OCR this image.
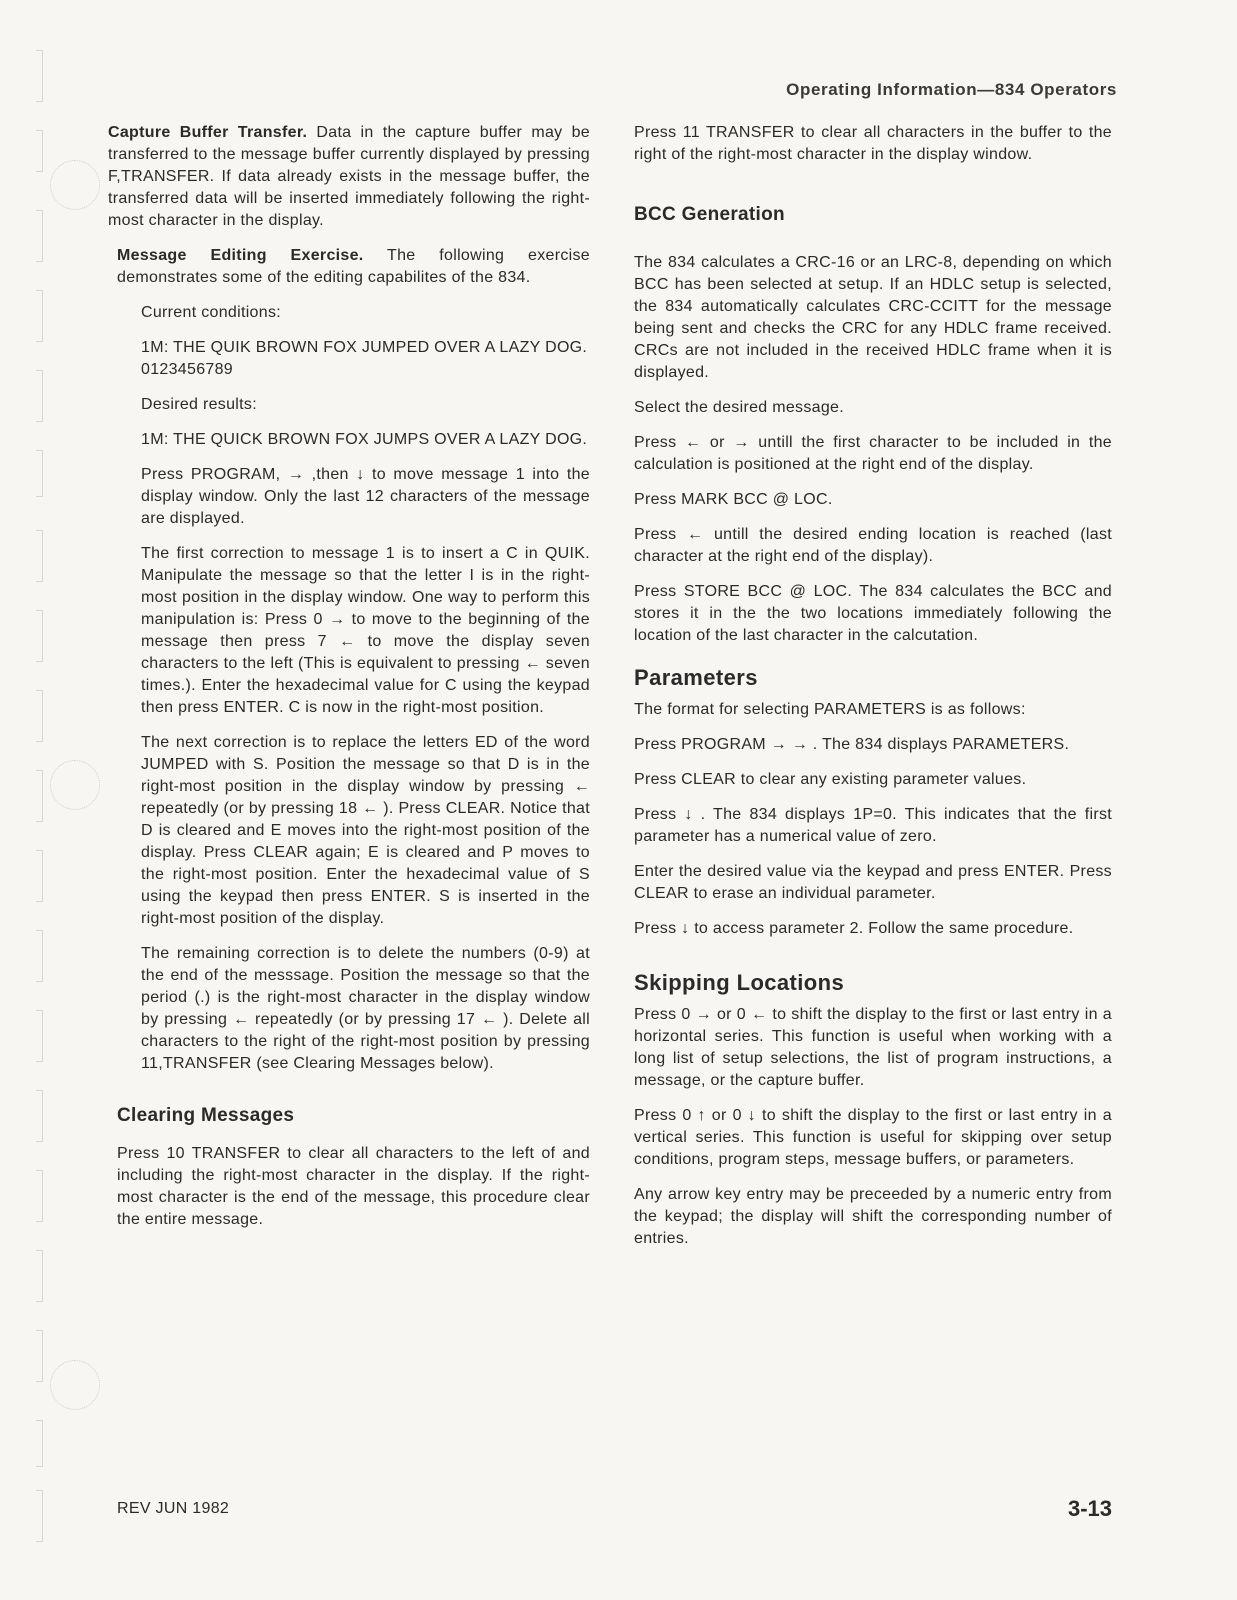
Operating Information—834 Operators

Capture Buffer Transfer. Data in the capture buffer may be transferred to the message buffer currently displayed by pressing F,TRANSFER. If data already exists in the message buffer, the transferred data will be inserted immediately following the right-most character in the display.

Message Editing Exercise. The following exercise demonstrates some of the editing capabilites of the 834.

Current conditions:

1M: THE QUIK BROWN FOX JUMPED OVER A LAZY DOG. 0123456789

Desired results:

1M: THE QUICK BROWN FOX JUMPS OVER A LAZY DOG.

Press PROGRAM, → ,then ↓ to move message 1 into the display window. Only the last 12 characters of the message are displayed.

The first correction to message 1 is to insert a C in QUIK. Manipulate the message so that the letter I is in the right-most position in the display window. One way to perform this manipulation is: Press 0 → to move to the beginning of the message then press 7 ← to move the display seven characters to the left (This is equivalent to pressing ← seven times.). Enter the hexadecimal value for C using the keypad then press ENTER. C is now in the right-most position.

The next correction is to replace the letters ED of the word JUMPED with S. Position the message so that D is in the right-most position in the display window by pressing ← repeatedly (or by pressing 18 ← ). Press CLEAR. Notice that D is cleared and E moves into the right-most position of the display. Press CLEAR again; E is cleared and P moves to the right-most position. Enter the hexadecimal value of S using the keypad then press ENTER. S is inserted in the right-most position of the display.

The remaining correction is to delete the numbers (0-9) at the end of the messsage. Position the message so that the period (.) is the right-most character in the display window by pressing ← repeatedly (or by pressing 17 ← ). Delete all characters to the right of the right-most position by pressing 11,TRANSFER (see Clearing Messages below).

Clearing Messages

Press 10 TRANSFER to clear all characters to the left of and including the right-most character in the display. If the right-most character is the end of the message, this procedure clear the entire message.

Press 11 TRANSFER to clear all characters in the buffer to the right of the right-most character in the display window.

BCC Generation

The 834 calculates a CRC-16 or an LRC-8, depending on which BCC has been selected at setup. If an HDLC setup is selected, the 834 automatically calculates CRC-CCITT for the message being sent and checks the CRC for any HDLC frame received. CRCs are not included in the received HDLC frame when it is displayed.

Select the desired message.

Press ← or → untill the first character to be included in the calculation is positioned at the right end of the display.

Press MARK BCC @ LOC.

Press ← untill the desired ending location is reached (last character at the right end of the display).

Press STORE BCC @ LOC. The 834 calculates the BCC and stores it in the the two locations immediately following the location of the last character in the calcutation.

Parameters

The format for selecting PARAMETERS is as follows:

Press PROGRAM → → . The 834 displays PARAMETERS.

Press CLEAR to clear any existing parameter values.

Press ↓ . The 834 displays 1P=0. This indicates that the first parameter has a numerical value of zero.

Enter the desired value via the keypad and press ENTER. Press CLEAR to erase an individual parameter.

Press ↓ to access parameter 2. Follow the same procedure.

Skipping Locations

Press 0 → or 0 ← to shift the display to the first or last entry in a horizontal series. This function is useful when working with a long list of setup selections, the list of program instructions, a message, or the capture buffer.

Press 0 ↑ or 0 ↓ to shift the display to the first or last entry in a vertical series. This function is useful for skipping over setup conditions, program steps, message buffers, or parameters.

Any arrow key entry may be preceeded by a numeric entry from the keypad; the display will shift the corresponding number of entries.

REV JUN 1982	3-13
